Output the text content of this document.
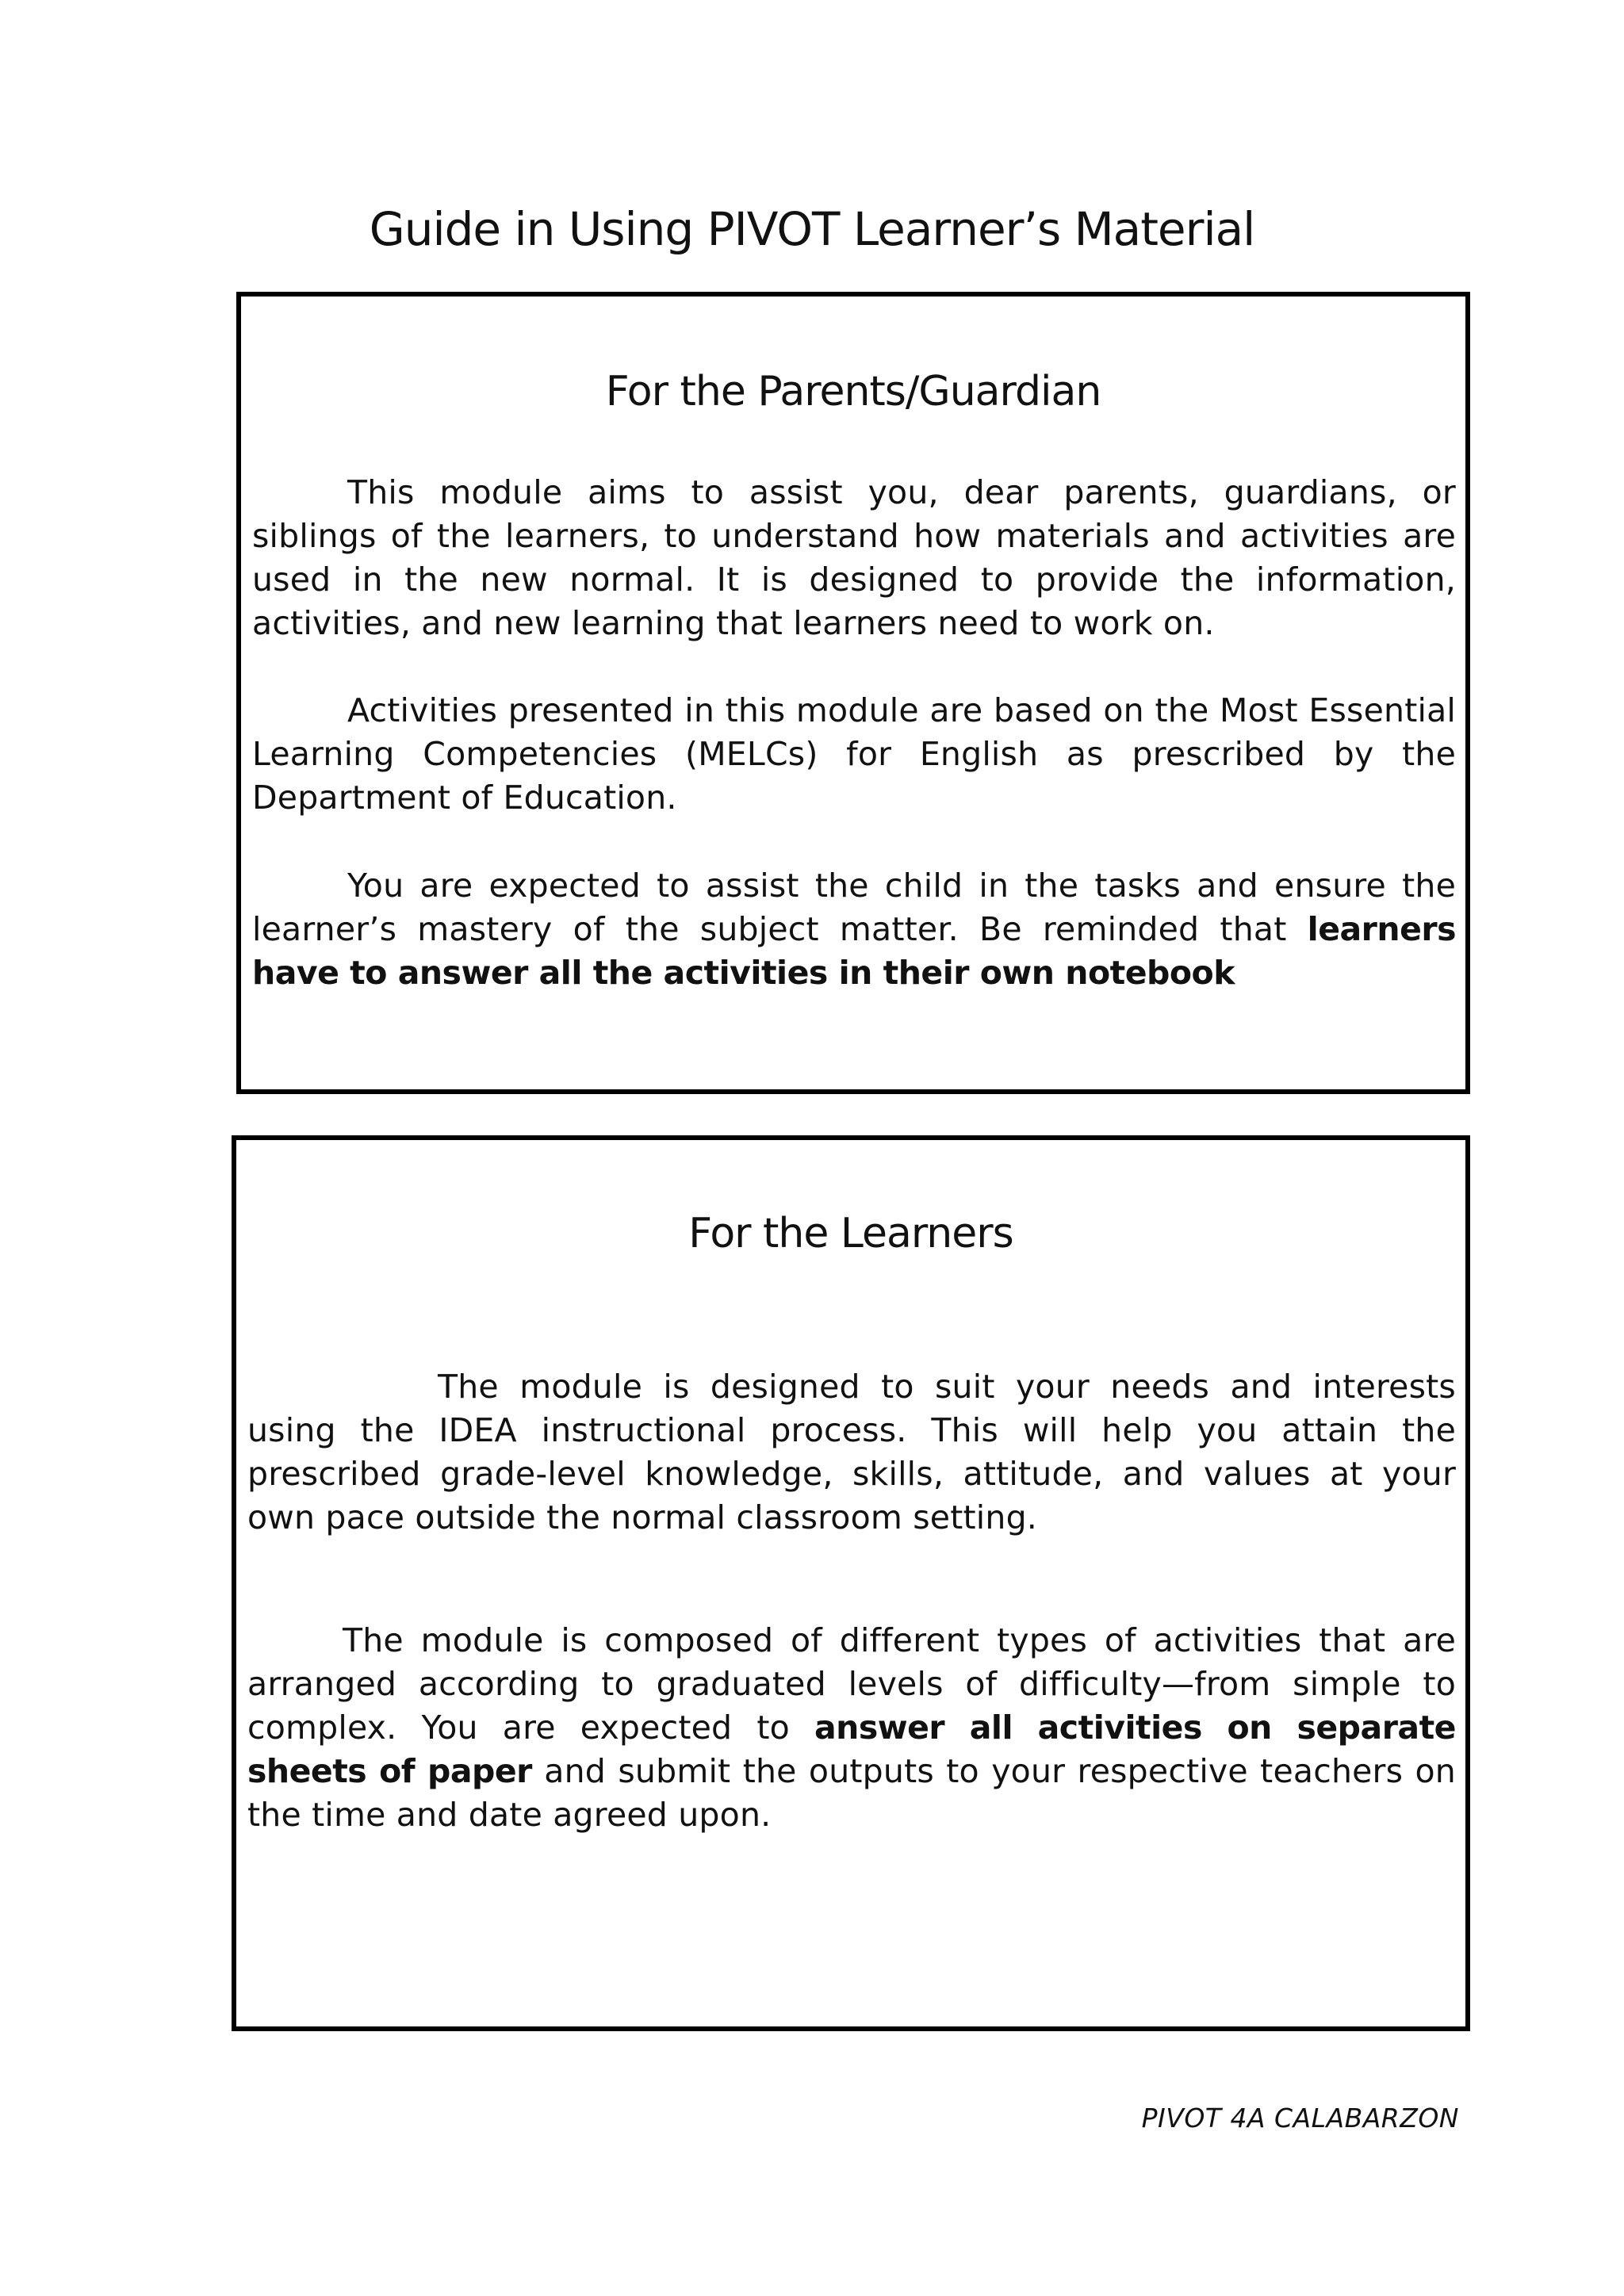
Guide in Using PIVOT Learner’s Material
For the Parents/Guardian

This module aims to assist you, dear parents, guardians, or siblings of the learners, to understand how materials and activities are used in the new normal. It is designed to provide the information, activities, and new learning that learners need to work on.

Activities presented in this module are based on the Most Essential Learning Competencies (MELCs) for English as prescribed by the Department of Education.

You are expected to assist the child in the tasks and ensure the learner’s mastery of the subject matter. Be reminded that learners have to answer all the activities in their own notebook

For the Learners

The module is designed to suit your needs and interests using the IDEA instructional process. This will help you attain the prescribed grade-level knowledge, skills, attitude, and values at your own pace outside the normal classroom setting.

The module is composed of different types of activities that are arranged according to graduated levels of difficulty—from simple to complex. You are expected to answer all activities on separate sheets of paper and submit the outputs to your respective teachers on the time and date agreed upon.

PIVOT 4A CALABARZON
